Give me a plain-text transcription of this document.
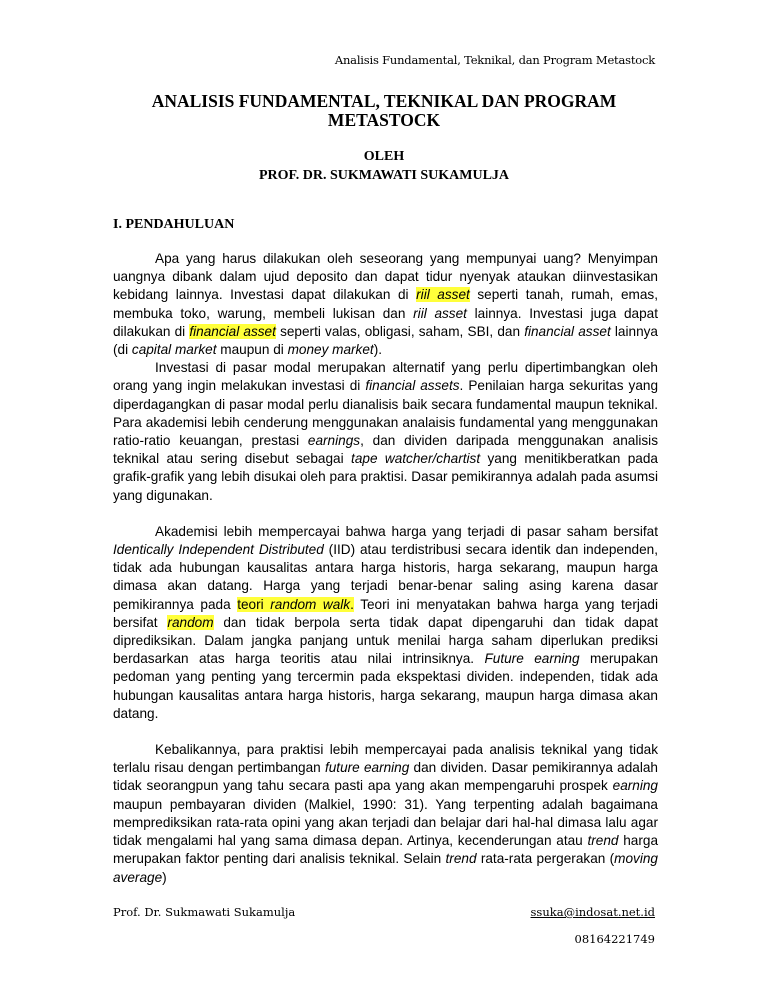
Analisis Fundamental, Teknikal, dan Program Metastock
ANALISIS FUNDAMENTAL, TEKNIKAL DAN PROGRAM
METASTOCK
OLEH
PROF. DR. SUKMAWATI SUKAMULJA
I. PENDAHULUAN

Apa yang harus dilakukan oleh seseorang yang mempunyai uang? Menyimpan uangnya dibank dalam ujud deposito dan dapat tidur nyenyak ataukan diinvestasikan kebidang lainnya. Investasi dapat dilakukan di riil asset seperti tanah, rumah, emas, membuka toko, warung, membeli lukisan dan riil asset lainnya. Investasi juga dapat dilakukan di financial asset seperti valas, obligasi, saham, SBI, dan financial asset lainnya (di capital market maupun di money market).

Investasi di pasar modal merupakan alternatif yang perlu dipertimbangkan oleh orang yang ingin melakukan investasi di financial assets. Penilaian harga sekuritas yang diperdagangkan di pasar modal perlu dianalisis baik secara fundamental maupun teknikal. Para akademisi lebih cenderung menggunakan analaisis fundamental yang menggunakan ratio-ratio keuangan, prestasi earnings, dan dividen daripada menggunakan analisis teknikal atau sering disebut sebagai tape watcher/chartist yang menitikberatkan pada grafik-grafik yang lebih disukai oleh para praktisi. Dasar pemikirannya adalah pada asumsi yang digunakan.

Akademisi lebih mempercayai bahwa harga yang terjadi di pasar saham bersifat Identically Independent Distributed (IID) atau terdistribusi secara identik dan independen, tidak ada hubungan kausalitas antara harga historis, harga sekarang, maupun harga dimasa akan datang. Harga yang terjadi benar-benar saling asing karena dasar pemikirannya pada teori random walk. Teori ini menyatakan bahwa harga yang terjadi bersifat random dan tidak berpola serta tidak dapat dipengaruhi dan tidak dapat diprediksikan. Dalam jangka panjang untuk menilai harga saham diperlukan prediksi berdasarkan atas harga teoritis atau nilai intrinsiknya. Future earning merupakan pedoman yang penting yang tercermin pada ekspektasi dividen. independen, tidak ada hubungan kausalitas antara harga historis, harga sekarang, maupun harga dimasa akan datang.

Kebalikannya, para praktisi lebih mempercayai pada analisis teknikal yang tidak terlalu risau dengan pertimbangan future earning dan dividen. Dasar pemikirannya adalah tidak seorangpun yang tahu secara pasti apa yang akan mempengaruhi prospek earning maupun pembayaran dividen (Malkiel, 1990: 31). Yang terpenting adalah bagaimana memprediksikan rata-rata opini yang akan terjadi dan belajar dari hal-hal dimasa lalu agar tidak mengalami hal yang sama dimasa depan. Artinya, kecenderungan atau trend harga merupakan faktor penting dari analisis teknikal. Selain trend rata-rata pergerakan (moving average)

Prof. Dr. Sukmawati Sukamulja	ssuka@indosat.net.id
08164221749
